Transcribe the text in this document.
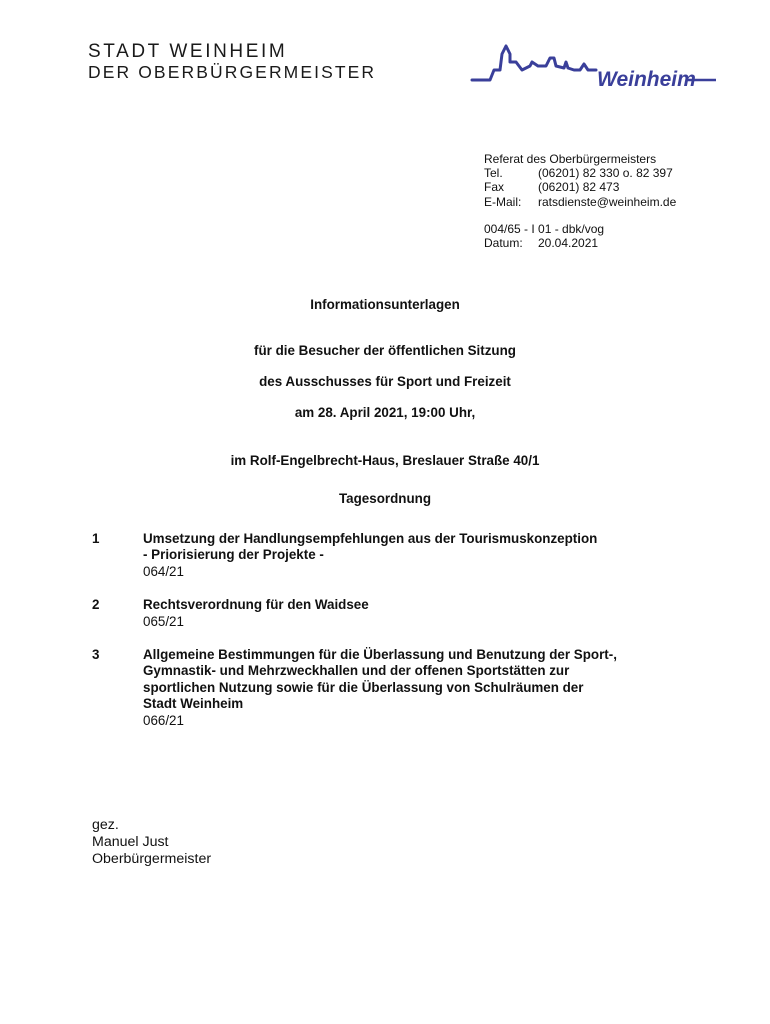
STADT WEINHEIM
DER OBERBÜRGERMEISTER	Weinheim
Referat des Oberbürgermeisters
Tel.	(06201) 82 330 o. 82 397
Fax	(06201) 82 473
E-Mail:	ratsdienste@weinheim.de
004/65 - I 01 - dbk/vog
Datum:	20.04.2021
Informationsunterlagen
für die Besucher der öffentlichen Sitzung
des Ausschusses für Sport und Freizeit
am 28. April 2021, 19:00 Uhr,
im Rolf-Engelbrecht-Haus, Breslauer Straße 40/1
Tagesordnung
1	Umsetzung der Handlungsempfehlungen aus der Tourismuskonzeption
- Priorisierung der Projekte -
064/21
2	Rechtsverordnung für den Waidsee
065/21
3	Allgemeine Bestimmungen für die Überlassung und Benutzung der Sport-,
Gymnastik- und Mehrzweckhallen und der offenen Sportstätten zur
sportlichen Nutzung sowie für die Überlassung von Schulräumen der
Stadt Weinheim
066/21
gez.
Manuel Just
Oberbürgermeister
